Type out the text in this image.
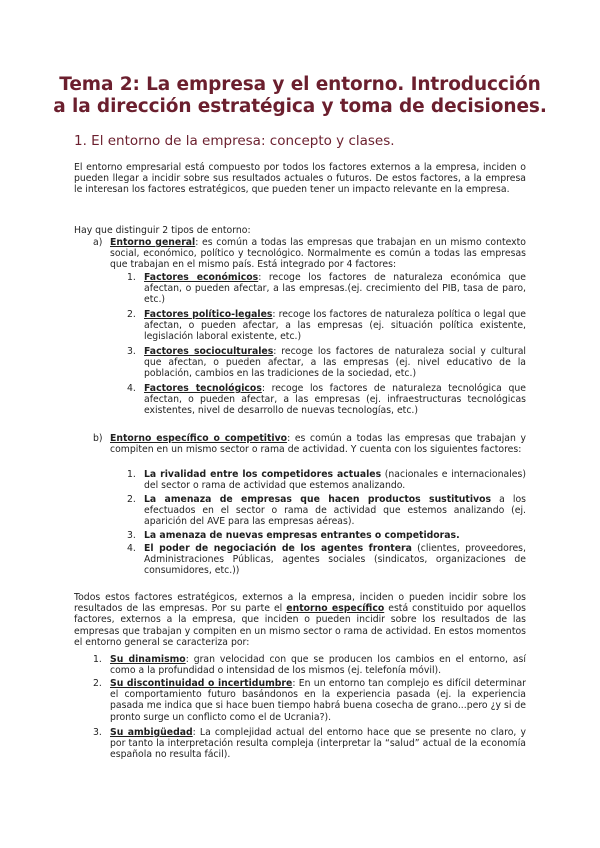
Tema 2: La empresa y el entorno. Introducción
a la dirección estratégica y toma de decisiones.
1. El entorno de la empresa: concepto y clases.
El entorno empresarial está compuesto por todos los factores externos a la empresa, inciden o pueden llegar a incidir sobre sus resultados actuales o futuros. De estos factores, a la empresa le interesan los factores estratégicos, que pueden tener un impacto relevante en la empresa.
Hay que distinguir 2 tipos de entorno:
a) Entorno general: es común a todas las empresas que trabajan en un mismo contexto social, económico, político y tecnológico. Normalmente es común a todas las empresas que trabajan en el mismo país. Está integrado por 4 factores:
1. Factores económicos: recoge los factores de naturaleza económica que afectan, o pueden afectar, a las empresas.(ej. crecimiento del PIB, tasa de paro, etc.)
2. Factores político-legales: recoge los factores de naturaleza política o legal que afectan, o pueden afectar, a las empresas (ej. situación política existente, legislación laboral existente, etc.)
3. Factores socioculturales: recoge los factores de naturaleza social y cultural que afectan, o pueden afectar, a las empresas (ej. nivel educativo de la población, cambios en las tradiciones de la sociedad, etc.)
4. Factores tecnológicos: recoge los factores de naturaleza tecnológica que afectan, o pueden afectar, a las empresas (ej. infraestructuras tecnológicas existentes, nivel de desarrollo de nuevas tecnologías, etc.)
b) Entorno específico o competitivo: es común a todas las empresas que trabajan y compiten en un mismo sector o rama de actividad. Y cuenta con los siguientes factores:
1. La rivalidad entre los competidores actuales (nacionales e internacionales) del sector o rama de actividad que estemos analizando.
2. La amenaza de empresas que hacen productos sustitutivos a los efectuados en el sector o rama de actividad que estemos analizando (ej. aparición del AVE para las empresas aéreas).
3. La amenaza de nuevas empresas entrantes o competidoras.
4. El poder de negociación de los agentes frontera (clientes, proveedores, Administraciones Públicas, agentes sociales (sindicatos, organizaciones de consumidores, etc.))
Todos estos factores estratégicos, externos a la empresa, inciden o pueden incidir sobre los resultados de las empresas. Por su parte el entorno específico está constituido por aquellos factores, externos a la empresa, que inciden o pueden incidir sobre los resultados de las empresas que trabajan y compiten en un mismo sector o rama de actividad. En estos momentos el entorno general se caracteriza por:
1. Su dinamismo: gran velocidad con que se producen los cambios en el entorno, así como a la profundidad o intensidad de los mismos (ej. telefonía móvil).
2. Su discontinuidad o incertidumbre: En un entorno tan complejo es difícil determinar el comportamiento futuro basándonos en la experiencia pasada (ej. la experiencia pasada me indica que si hace buen tiempo habrá buena cosecha de grano...pero ¿y si de pronto surge un conflicto como el de Ucrania?).
3. Su ambigüedad: La complejidad actual del entorno hace que se presente no claro, y por tanto la interpretación resulta compleja (interpretar la “salud” actual de la economía española no resulta fácil).
